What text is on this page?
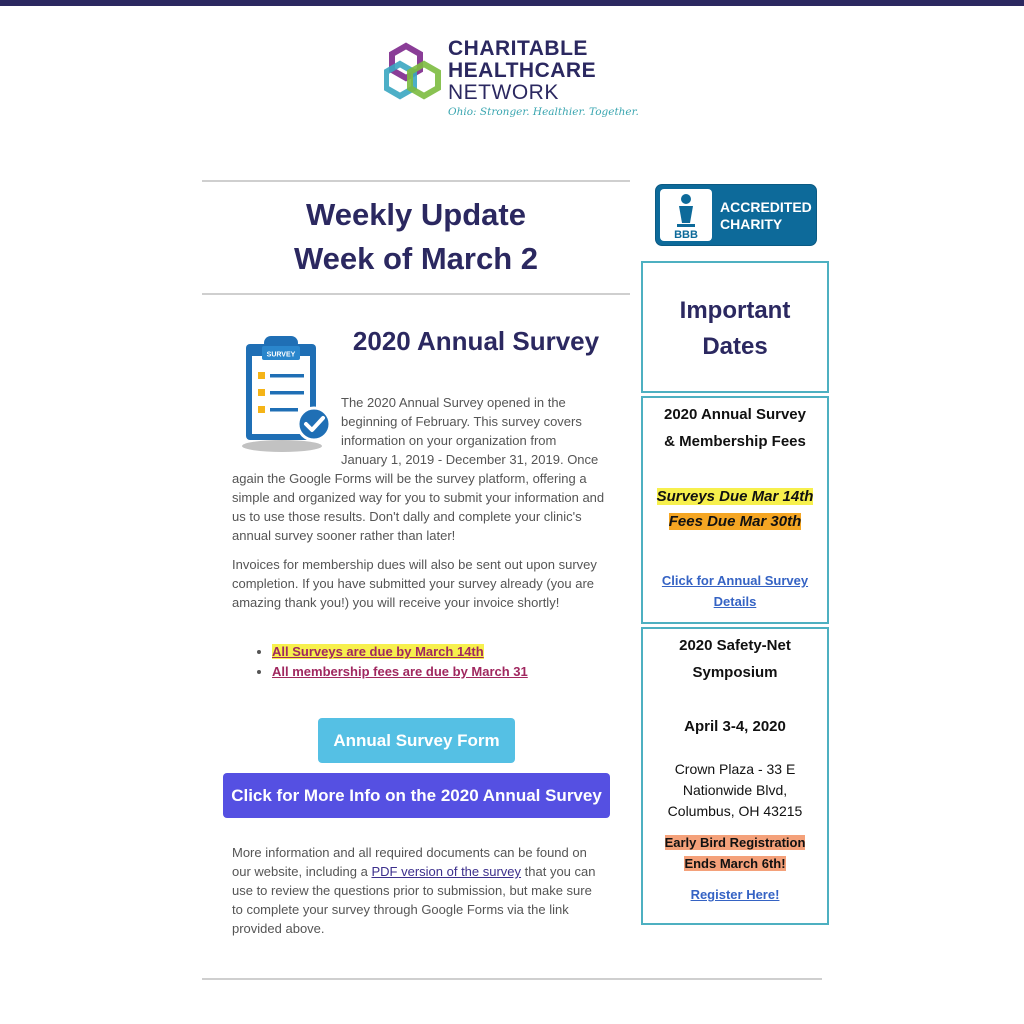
CHARITABLE
HEALTHCARE
NETWORK
Ohio: Stronger. Healthier. Together.
Weekly Update
Week of March 2
SURVEY 2020 Annual Survey
The 2020 Annual Survey opened in the beginning of February. This survey covers information on your organization from January 1, 2019 - December 31, 2019. Once again the Google Forms will be the survey platform, offering a simple and organized way for you to submit your information and us to use those results. Don't dally and complete your clinic's annual survey sooner rather than later!
Invoices for membership dues will also be sent out upon survey completion. If you have submitted your survey already (you are amazing thank you!) you will receive your invoice shortly!
• All Surveys are due by March 14th
• All membership fees are due by March 31
Annual Survey Form
Click for More Info on the 2020 Annual Survey
More information and all required documents can be found on our website, including a PDF version of the survey that you can use to review the questions prior to submission, but make sure to complete your survey through Google Forms via the link provided above.
BBB
ACCREDITED
CHARITY
Important
Dates
2020 Annual Survey
& Membership Fees
Surveys Due Mar 14th
Fees Due Mar 30th
Click for Annual Survey
Details
2020 Safety-Net
Symposium
April 3-4, 2020
Crown Plaza - 33 E
Nationwide Blvd,
Columbus, OH 43215
Early Bird Registration
Ends March 6th!
Register Here!
